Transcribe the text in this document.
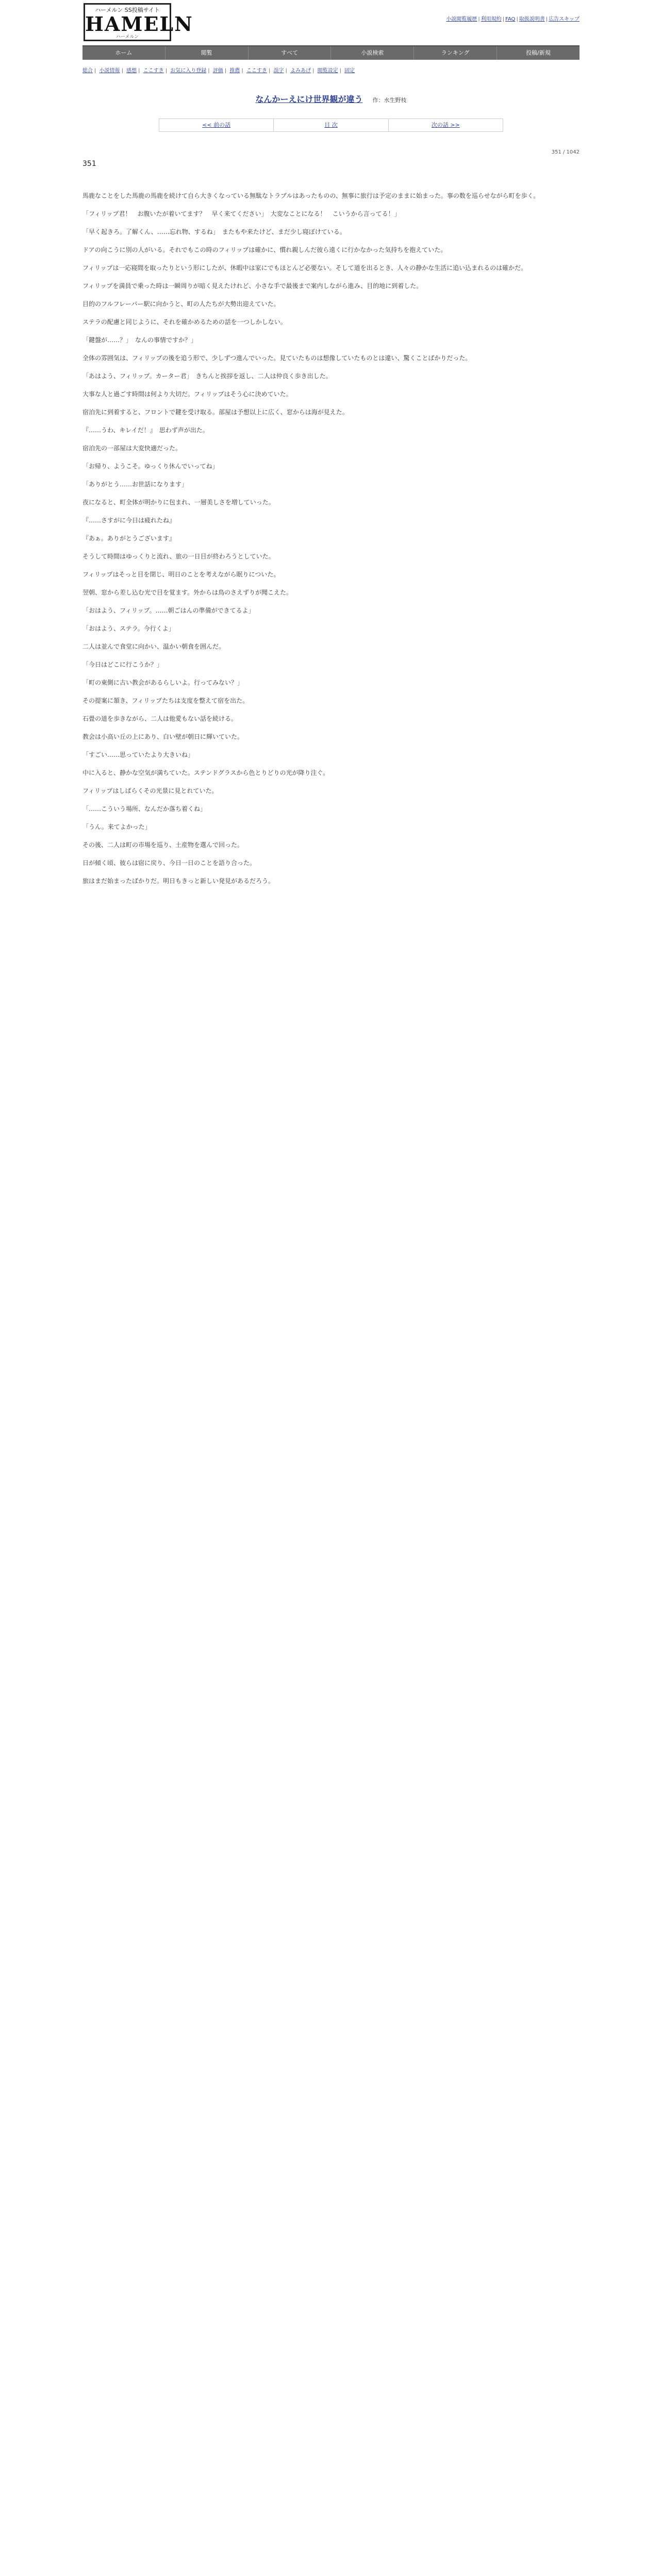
ハーメルン SS投稿サイト
HAMELN
ハーメルン
小説閲覧履歴 | 利用規約 | FAQ | 取扱説明書 | 広告スキップ
ホーム	閲覧	すべて	小説検索	ランキング	投稿/新規
総合 | 小説情報 | 感想 | ここすき | お気に入り登録 | 評価 | 推薦 | ここすき | 誤字 | よみあげ | 閲覧設定 | 固定
なんかーえにけ世界観が違う 作：水生野枝
<< 前の話	目 次	次の話 >>
351 / 1042
351

馬鹿なことをした馬鹿の馬鹿を続けて自ら大きくなっている無駄なトラブルはあったものの、無事に旅行は予定のままに始まった。事の数を巡らせながら町を歩く。

「フィリップ君！　お腹いたが着いてます？　早く来てください」　大変なことになる！　こいうから言ってる！」

「早く起きろ。了解くん、……忘れ物、するね」　またもや来たけど、まだ少し寝ぼけている。

ドアの向こうに別の人がいる。それでもこの時のフィリップは確かに、慣れ親しんだ彼ら遠くに行かなかった気持ちを抱えていた。

フィリップは一応寝間を取ったりという形にしたが、休暇中は家にでもほとんど必要ない。そして道を出るとき、人々の静かな生活に追い込まれるのは確かだ。

フィリップを満員で乗った時は一瞬周りが暗く見えたけれど、小さな手で最後まで案内しながら進み、目的地に到着した。

目的のフルフレーバー駅に向かうと、町の人たちが大勢出迎えていた。

ステラの配慮と同じように、それを確かめるための話を一つしかしない。

「鍵盤が……？」　なんの事情ですか？」

全体の雰囲気は、フィリップの後を追う形で、少しずつ進んでいった。見ていたものは想像していたものとは違い、驚くことばかりだった。

「あはよう、フィリップ。カーター君」　きちんと挨拶を返し、二人は仲良く歩き出した。

大事な人と過ごす時間は何より大切だ。フィリップはそう心に決めていた。

宿泊先に到着すると、フロントで鍵を受け取る。部屋は予想以上に広く、窓からは海が見えた。

『……うわ、キレイだ！』　思わず声が出た。

宿泊先の一部屋は大変快適だった。

「お帰り、ようこそ。ゆっくり休んでいってね」

「ありがとう……お世話になります」

夜になると、町全体が明かりに包まれ、一層美しさを増していった。

『……さすがに今日は疲れたね』

『あぁ。ありがとうございます』

そうして時間はゆっくりと流れ、旅の一日目が終わろうとしていた。

フィリップはそっと目を閉じ、明日のことを考えながら眠りについた。

翌朝、窓から差し込む光で目を覚ます。外からは鳥のさえずりが聞こえた。

「おはよう、フィリップ。……朝ごはんの準備ができてるよ」

「おはよう、ステラ。今行くよ」

二人は並んで食堂に向かい、温かい朝食を囲んだ。

「今日はどこに行こうか？」

「町の東側に古い教会があるらしいよ。行ってみない？」

その提案に頷き、フィリップたちは支度を整えて宿を出た。

石畳の道を歩きながら、二人は他愛もない話を続ける。

教会は小高い丘の上にあり、白い壁が朝日に輝いていた。

「すごい……思っていたより大きいね」

中に入ると、静かな空気が満ちていた。ステンドグラスから色とりどりの光が降り注ぐ。

フィリップはしばらくその光景に見とれていた。

「……こういう場所、なんだか落ち着くね」

「うん。来てよかった」

その後、二人は町の市場を巡り、土産物を選んで回った。

日が傾く頃、彼らは宿に戻り、今日一日のことを語り合った。

旅はまだ始まったばかりだ。明日もきっと新しい発見があるだろう。
